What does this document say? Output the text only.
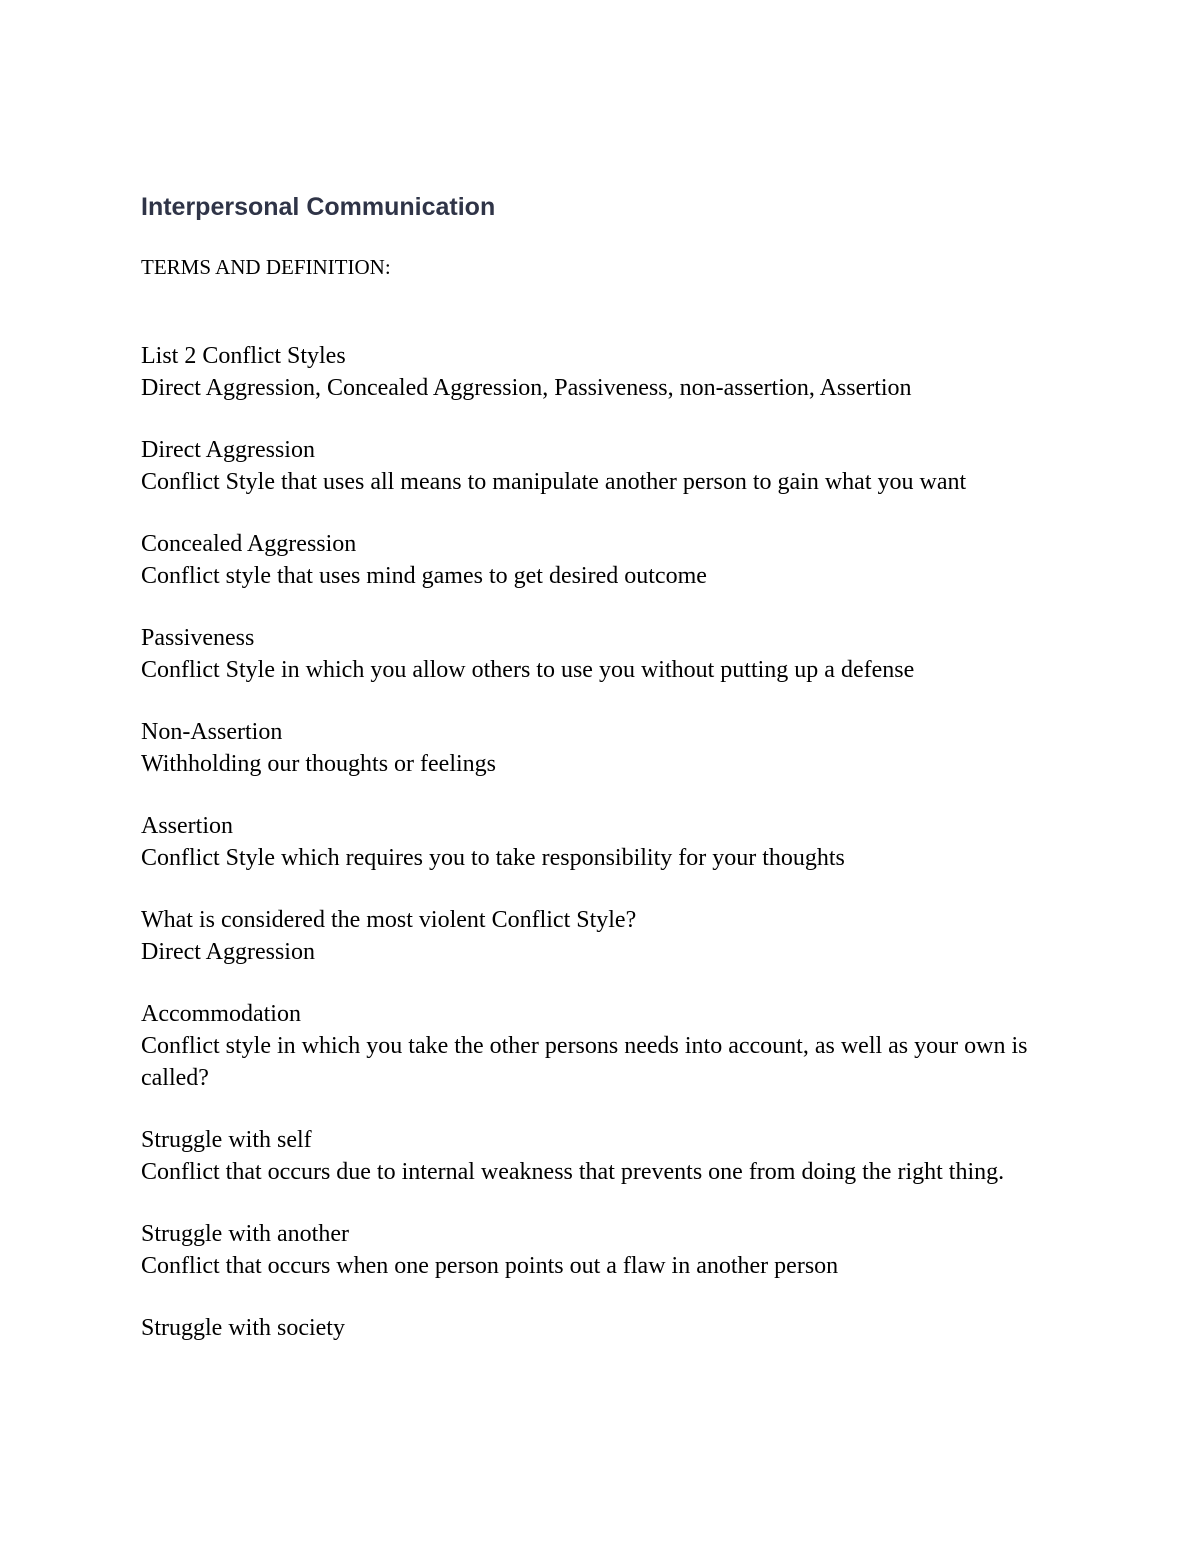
Interpersonal Communication
TERMS AND DEFINITION:
List 2 Conflict Styles
Direct Aggression, Concealed Aggression, Passiveness, non-assertion, Assertion
Direct Aggression
Conflict Style that uses all means to manipulate another person to gain what you want
Concealed Aggression
Conflict style that uses mind games to get desired outcome
Passiveness
Conflict Style in which you allow others to use you without putting up a defense
Non-Assertion
Withholding our thoughts or feelings
Assertion
Conflict Style which requires you to take responsibility for your thoughts
What is considered the most violent Conflict Style?
Direct Aggression
Accommodation
Conflict style in which you take the other persons needs into account, as well as your own is called?
Struggle with self
Conflict that occurs due to internal weakness that prevents one from doing the right thing.
Struggle with another
Conflict that occurs when one person points out a flaw in another person
Struggle with society
